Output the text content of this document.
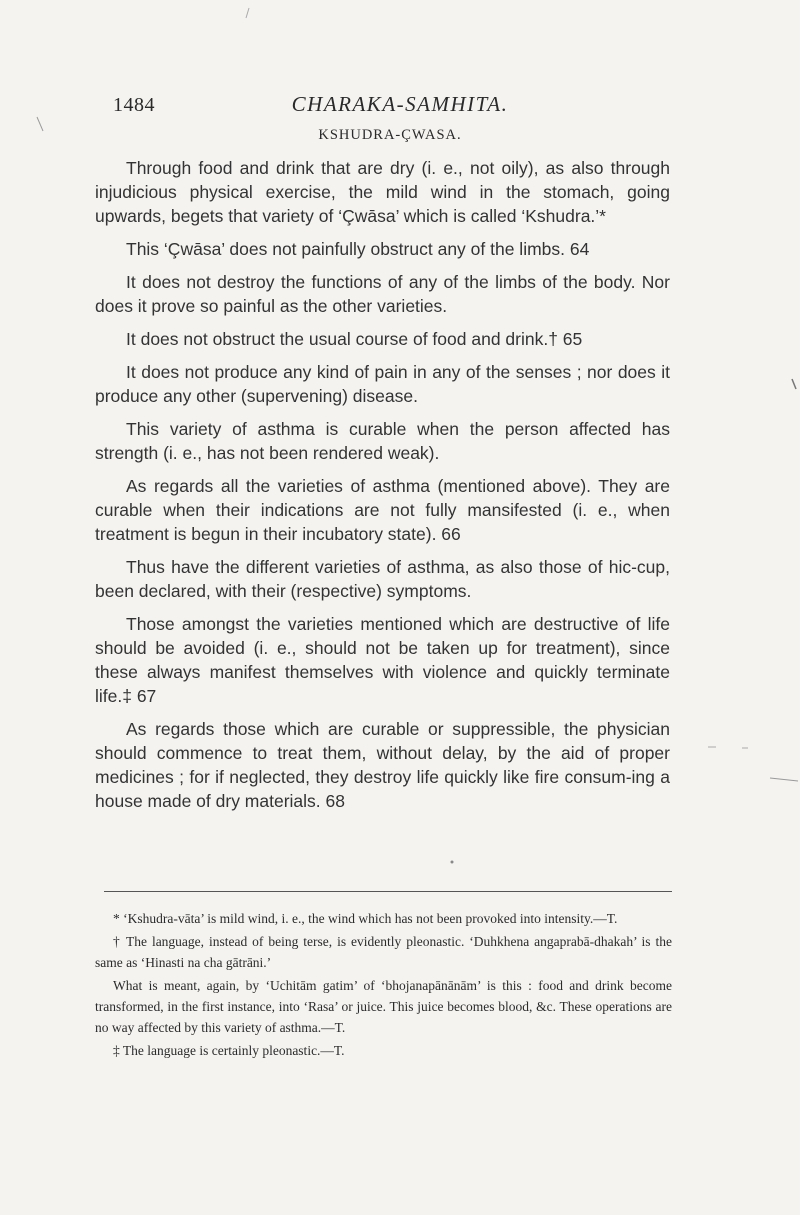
1484	CHARAKA-SAMHITA.
KSHUDRA-ÇWASA.

Through food and drink that are dry (i. e., not oily), as also through injudicious physical exercise, the mild wind in the stomach, going upwards, begets that variety of ‘Çwāsa’ which is called ‘Kshudra.’*

This ‘Çwāsa’ does not painfully obstruct any of the limbs. 64

It does not destroy the functions of any of the limbs of the body. Nor does it prove so painful as the other varieties.

It does not obstruct the usual course of food and drink.† 65

It does not produce any kind of pain in any of the senses ; nor does it produce any other (supervening) disease.

This variety of asthma is curable when the person affected has strength (i. e., has not been rendered weak).

As regards all the varieties of asthma (mentioned above). They are curable when their indications are not fully mansifested (i. e., when treatment is begun in their incubatory state). 66

Thus have the different varieties of asthma, as also those of hic-cup, been declared, with their (respective) symptoms.

Those amongst the varieties mentioned which are destructive of life should be avoided (i. e., should not be taken up for treatment), since these always manifest themselves with violence and quickly terminate life.‡ 67

As regards those which are curable or suppressible, the physician should commence to treat them, without delay, by the aid of proper medicines ; for if neglected, they destroy life quickly like fire consum-ing a house made of dry materials. 68

* ‘Kshudra-vāta’ is mild wind, i. e., the wind which has not been provoked into intensity.—T.

† The language, instead of being terse, is evidently pleonastic. ‘Duhkhena angaprabā-dhakah’ is the same as ‘Hinasti na cha gātrāni.’

What is meant, again, by ‘Uchitām gatim’ of ‘bhojanapānānām’ is this : food and drink become transformed, in the first instance, into ‘Rasa’ or juice. This juice becomes blood, &c. These operations are no way affected by this variety of asthma.—T.

‡ The language is certainly pleonastic.—T.
